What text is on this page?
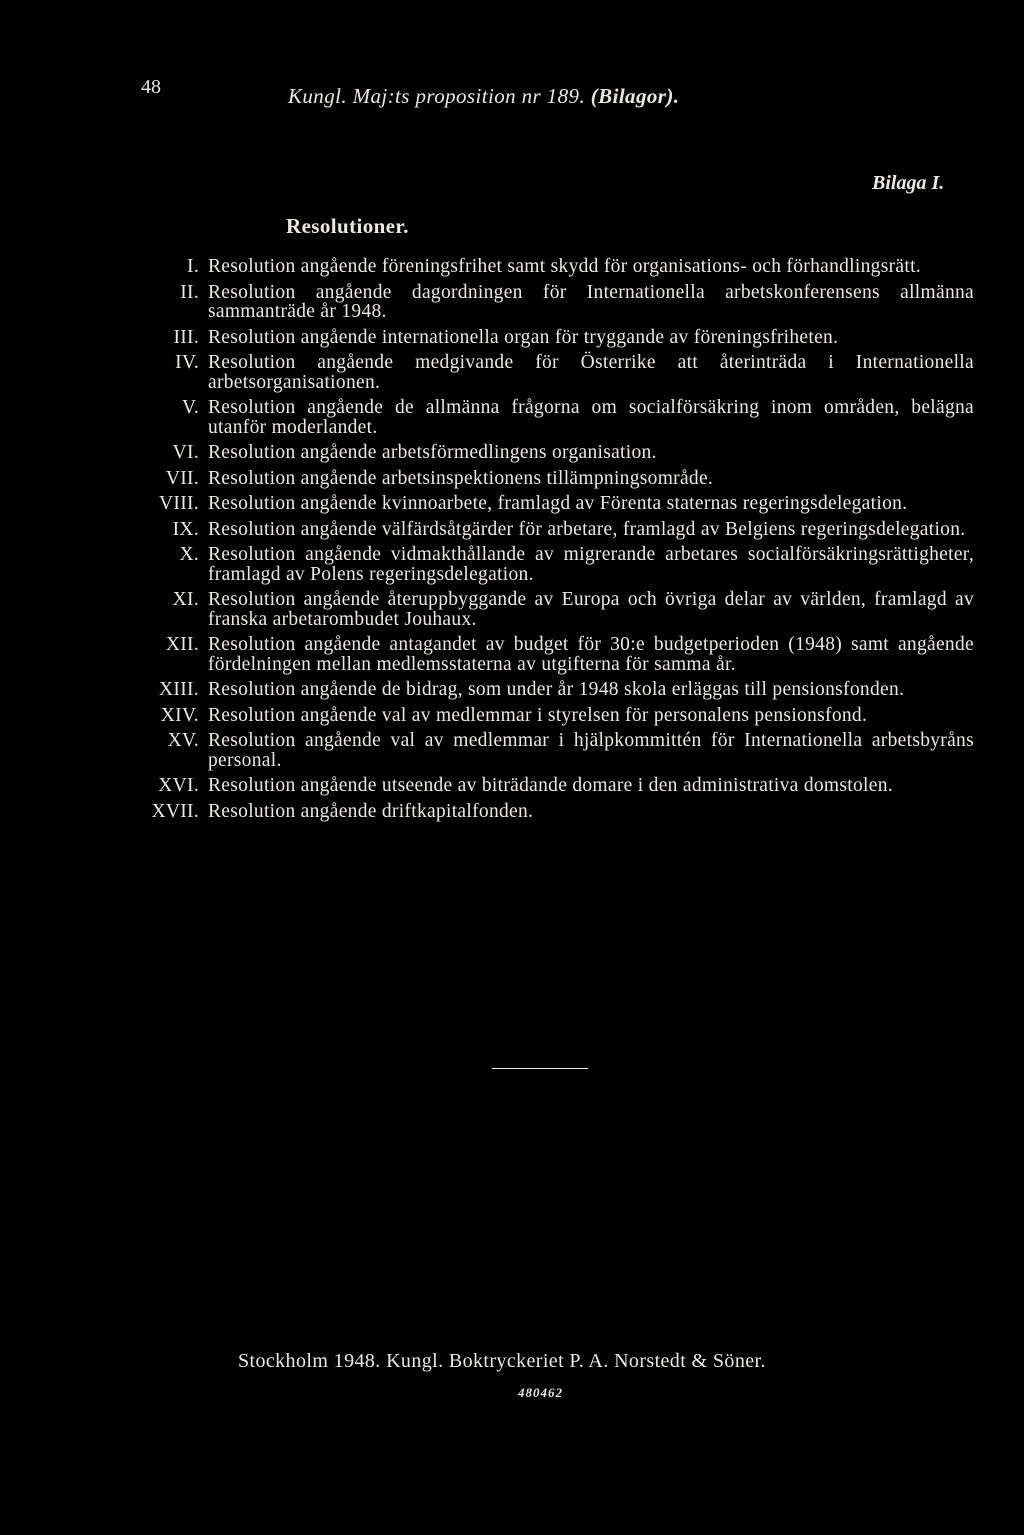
48	Kungl. Maj:ts proposition nr 189. (Bilagor).
Bilaga I.
Resolutioner.
I. Resolution angående föreningsfrihet samt skydd för organisations- och förhandlingsrätt.
II. Resolution angående dagordningen för Internationella arbetskonferensens allmänna sammanträde år 1948.
III. Resolution angående internationella organ för tryggande av föreningsfriheten.
IV. Resolution angående medgivande för Österrike att återinträda i Internationella arbetsorganisationen.
V. Resolution angående de allmänna frågorna om socialförsäkring inom områden, belägna utanför moderlandet.
VI. Resolution angående arbetsförmedlingens organisation.
VII. Resolution angående arbetsinspektionens tillämpningsområde.
VIII. Resolution angående kvinnoarbete, framlagd av Förenta staternas regeringsdelegation.
IX. Resolution angående välfärdsåtgärder för arbetare, framlagd av Belgiens regeringsdelegation.
X. Resolution angående vidmakthållande av migrerande arbetares socialförsäkringsrättigheter, framlagd av Polens regeringsdelegation.
XI. Resolution angående återuppbyggande av Europa och övriga delar av världen, framlagd av franska arbetarombudet Jouhaux.
XII. Resolution angående antagandet av budget för 30:e budgetperioden (1948) samt angående fördelningen mellan medlemsstaterna av utgifterna för samma år.
XIII. Resolution angående de bidrag, som under år 1948 skola erläggas till pensionsfonden.
XIV. Resolution angående val av medlemmar i styrelsen för personalens pensionsfond.
XV. Resolution angående val av medlemmar i hjälpkommittén för Internationella arbetsbyråns personal.
XVI. Resolution angående utseende av biträdande domare i den administrativa domstolen.
XVII. Resolution angående driftkapitalfonden.
Stockholm 1948. Kungl. Boktryckeriet P. A. Norstedt & Söner.
480462
